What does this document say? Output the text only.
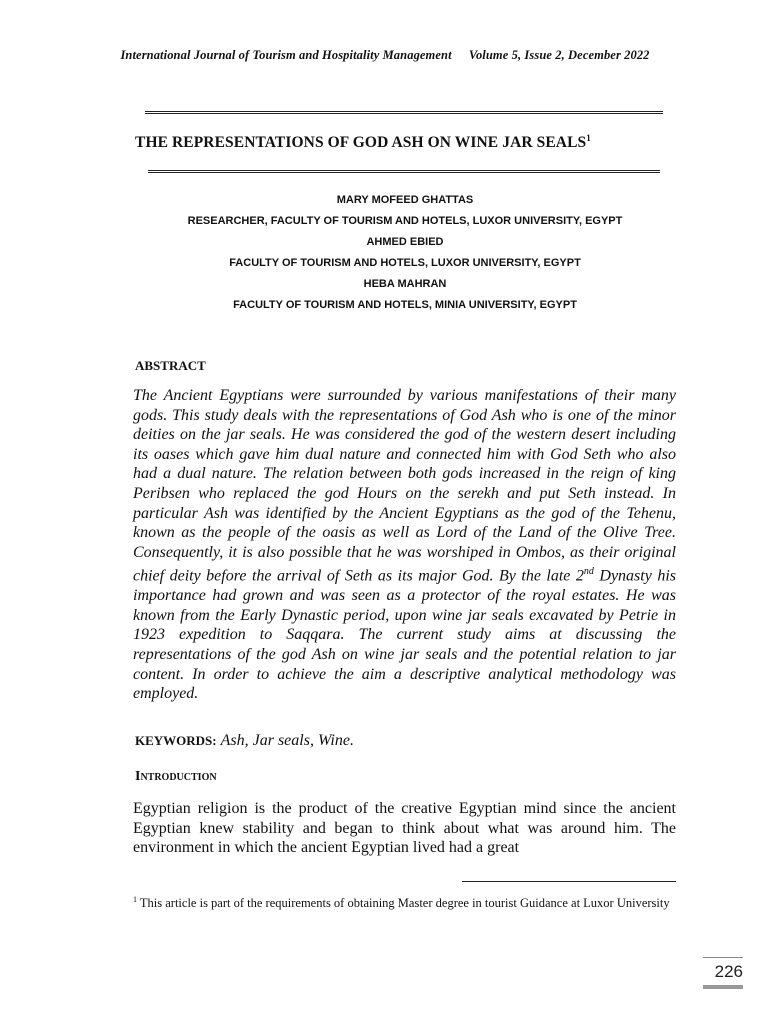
International Journal of Tourism and Hospitality Management Volume 5, Issue 2, December 2022
THE REPRESENTATIONS OF GOD ASH ON WINE JAR SEALS$^1$
MARY MOFEED GHATTAS
RESEARCHER, FACULTY OF TOURISM AND HOTELS, LUXOR UNIVERSITY, EGYPT
AHMED EBIED
FACULTY OF TOURISM AND HOTELS, LUXOR UNIVERSITY, EGYPT
HEBA MAHRAN
FACULTY OF TOURISM AND HOTELS, MINIA UNIVERSITY, EGYPT
ABSTRACT

The Ancient Egyptians were surrounded by various manifestations of their many gods. This study deals with the representations of God Ash who is one of the minor deities on the jar seals. He was considered the god of the western desert including its oases which gave him dual nature and connected him with God Seth who also had a dual nature. The relation between both gods increased in the reign of king Peribsen who replaced the god Hours on the serekh and put Seth instead. In particular Ash was identified by the Ancient Egyptians as the god of the Tehenu, known as the people of the oasis as well as Lord of the Land of the Olive Tree. Consequently, it is also possible that he was worshiped in Ombos, as their original chief deity before the arrival of Seth as its major God. By the late 2nd Dynasty his importance had grown and was seen as a protector of the royal estates. He was known from the Early Dynastic period, upon wine jar seals excavated by Petrie in 1923 expedition to Saqqara. The current study aims at discussing the representations of the god Ash on wine jar seals and the potential relation to jar content. In order to achieve the aim a descriptive analytical methodology was employed.

KEYWORDS: Ash, Jar seals, Wine.
Introduction

Egyptian religion is the product of the creative Egyptian mind since the ancient Egyptian knew stability and began to think about what was around him. The environment in which the ancient Egyptian lived had a great

$^1$ This article is part of the requirements of obtaining Master degree in tourist Guidance at Luxor University

226
